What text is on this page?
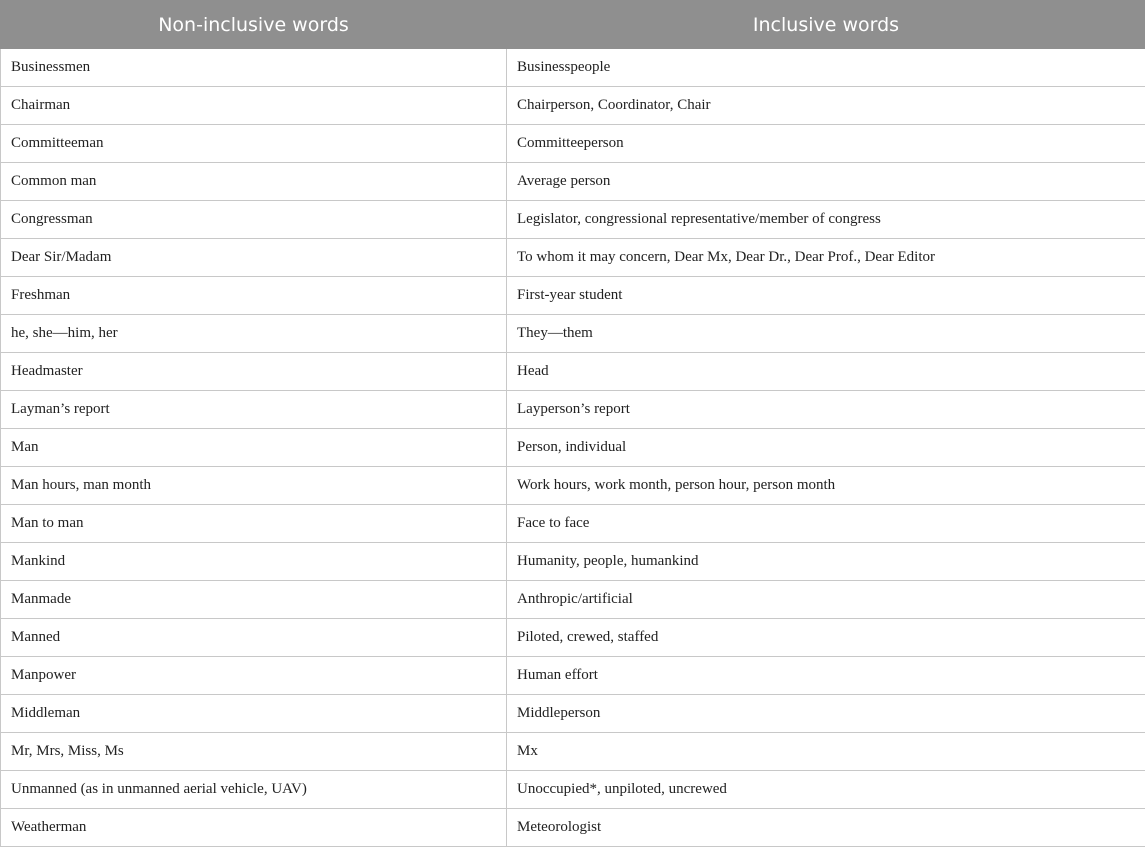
Non-inclusive words	Inclusive words
Businessmen	Businesspeople
Chairman	Chairperson, Coordinator, Chair
Committeeman	Committeeperson
Common man	Average person
Congressman	Legislator, congressional representative/member of congress
Dear Sir/Madam	To whom it may concern, Dear Mx, Dear Dr., Dear Prof., Dear Editor
Freshman	First-year student
he, she—him, her	They—them
Headmaster	Head
Layman’s report	Layperson’s report
Man	Person, individual
Man hours, man month	Work hours, work month, person hour, person month
Man to man	Face to face
Mankind	Humanity, people, humankind
Manmade	Anthropic/artificial
Manned	Piloted, crewed, staffed
Manpower	Human effort
Middleman	Middleperson
Mr, Mrs, Miss, Ms	Mx
Unmanned (as in unmanned aerial vehicle, UAV)	Unoccupied*, unpiloted, uncrewed
Weatherman	Meteorologist
